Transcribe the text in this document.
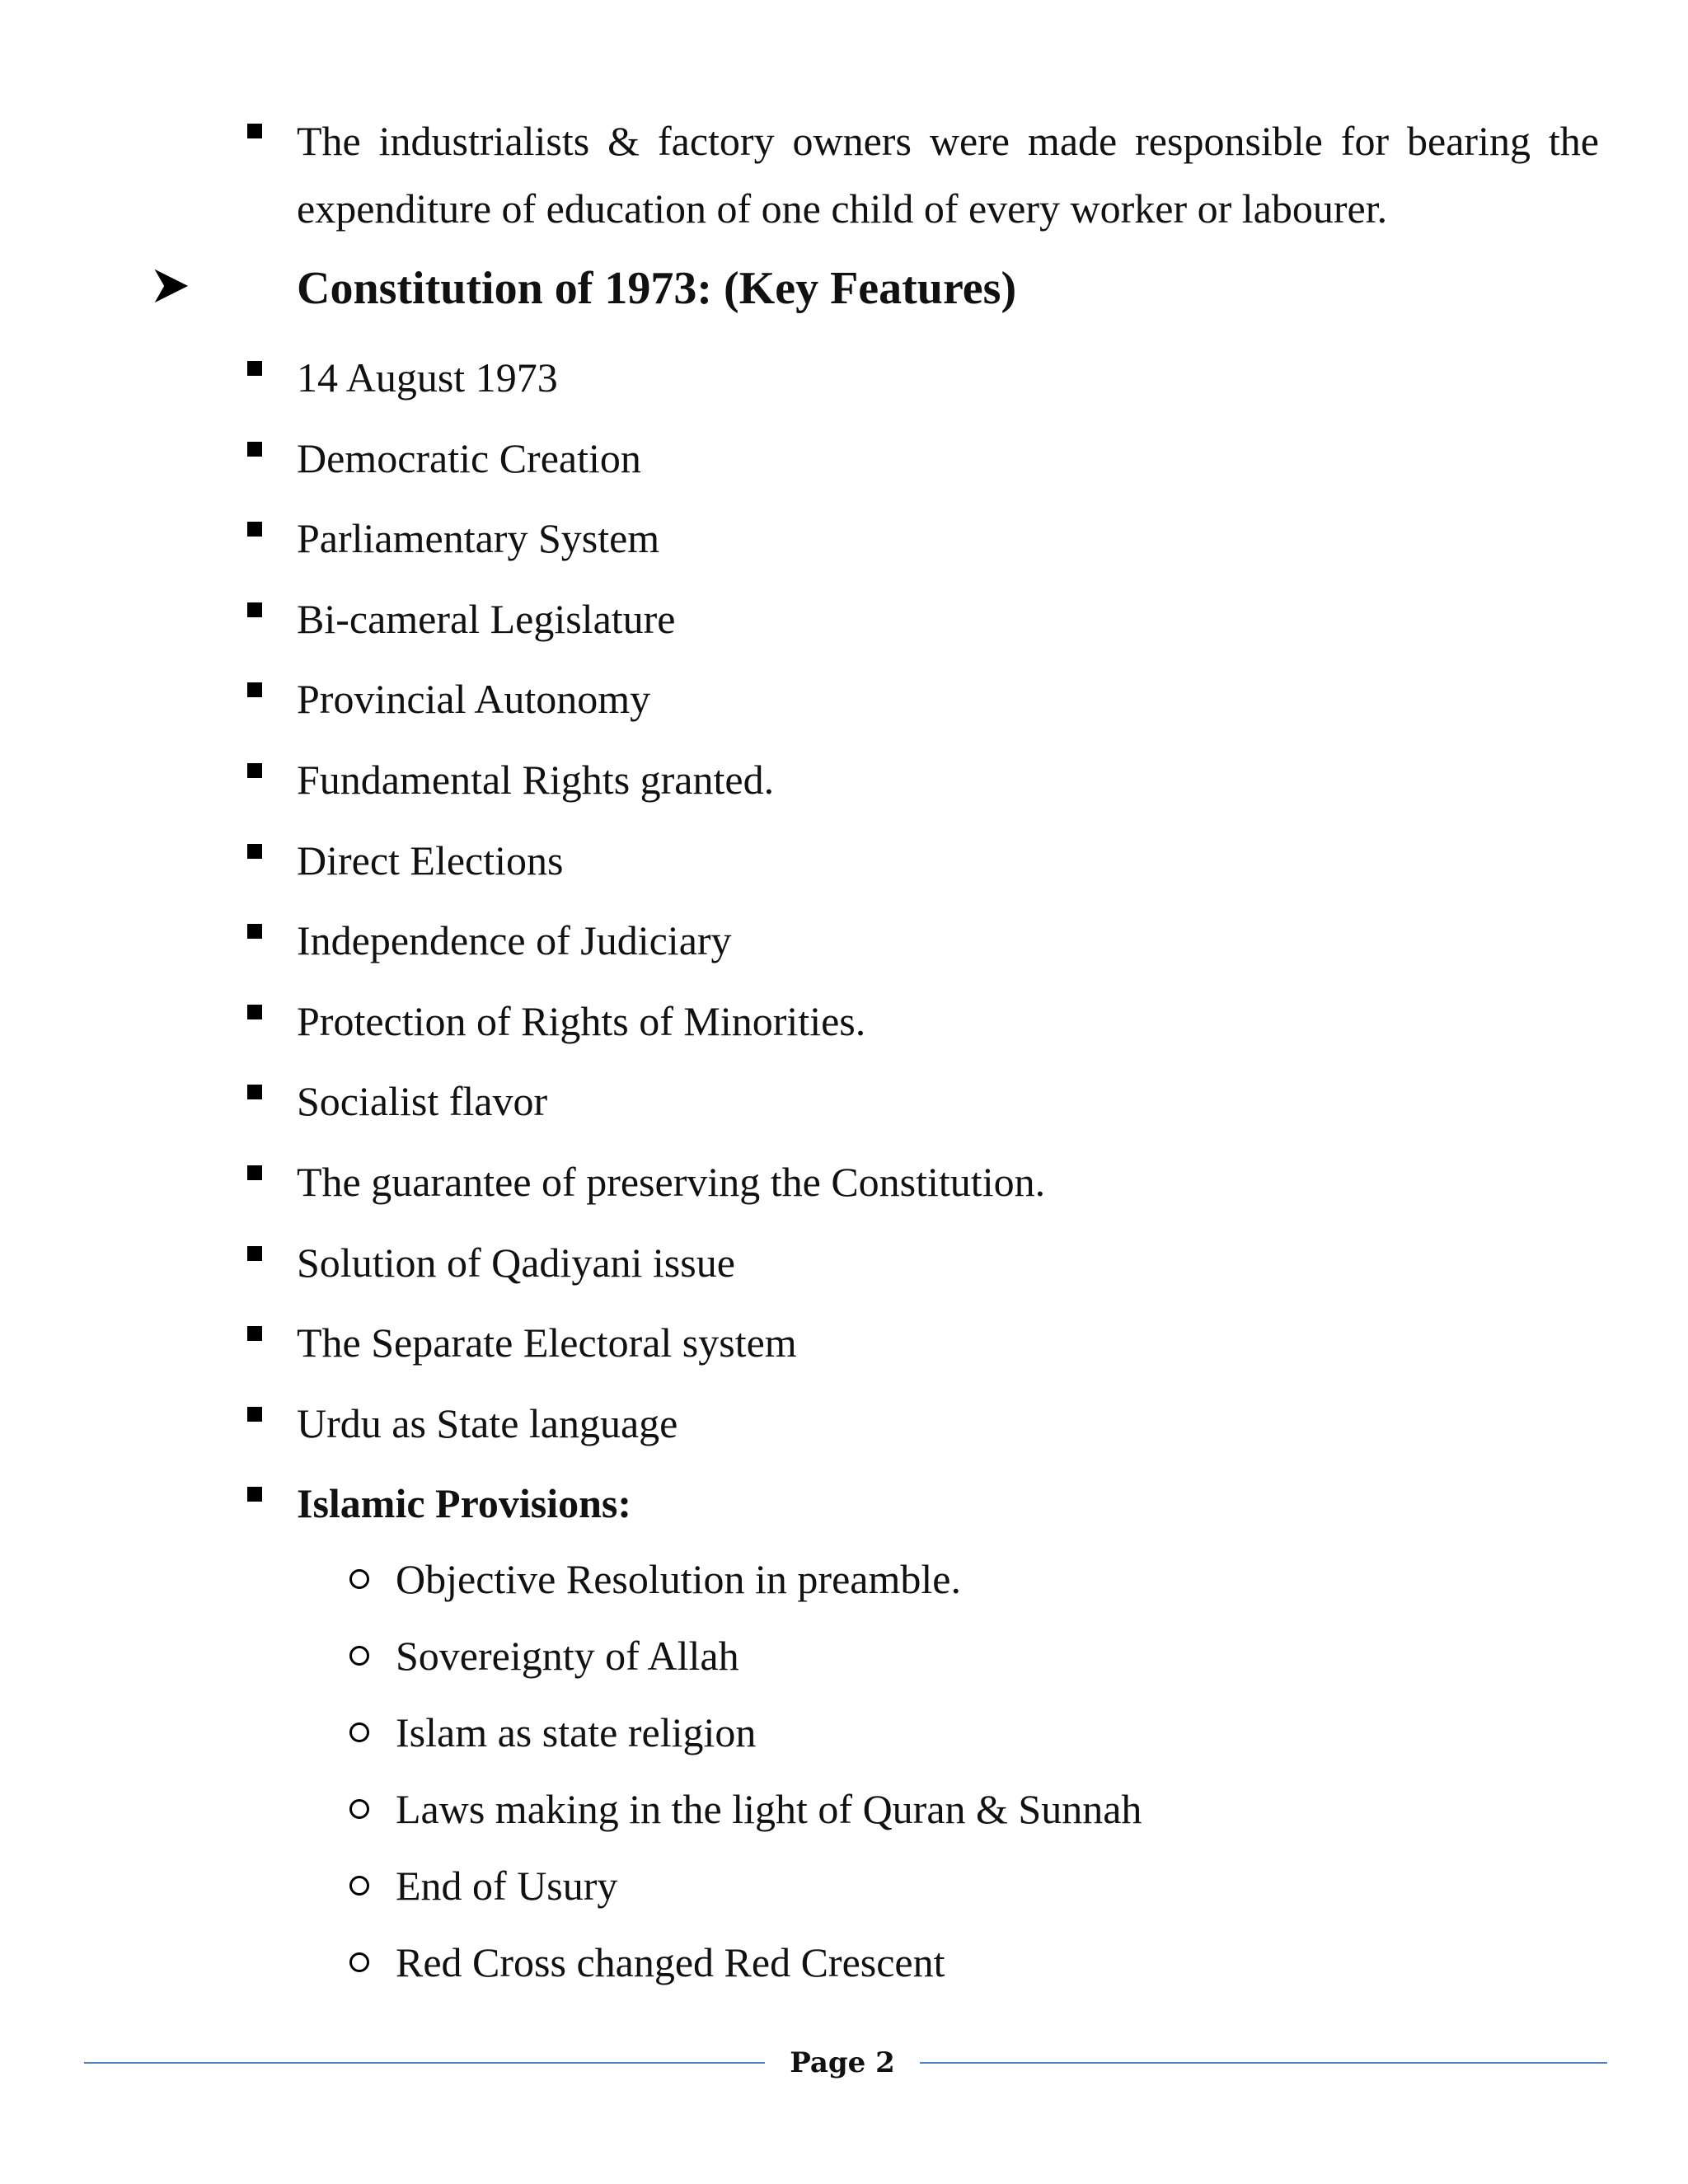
The industrialists & factory owners were made responsible for bearing the expenditure of education of one child of every worker or labourer.
Constitution of 1973: (Key Features)
14 August 1973
Democratic Creation
Parliamentary System
Bi-cameral Legislature
Provincial Autonomy
Fundamental Rights granted.
Direct Elections
Independence of Judiciary
Protection of Rights of Minorities.
Socialist flavor
The guarantee of preserving the Constitution.
Solution of Qadiyani issue
The Separate Electoral system
Urdu as State language
Islamic Provisions:
Objective Resolution in preamble.
Sovereignty of Allah
Islam as state religion
Laws making in the light of Quran & Sunnah
End of Usury
Red Cross changed Red Crescent
Page 2
